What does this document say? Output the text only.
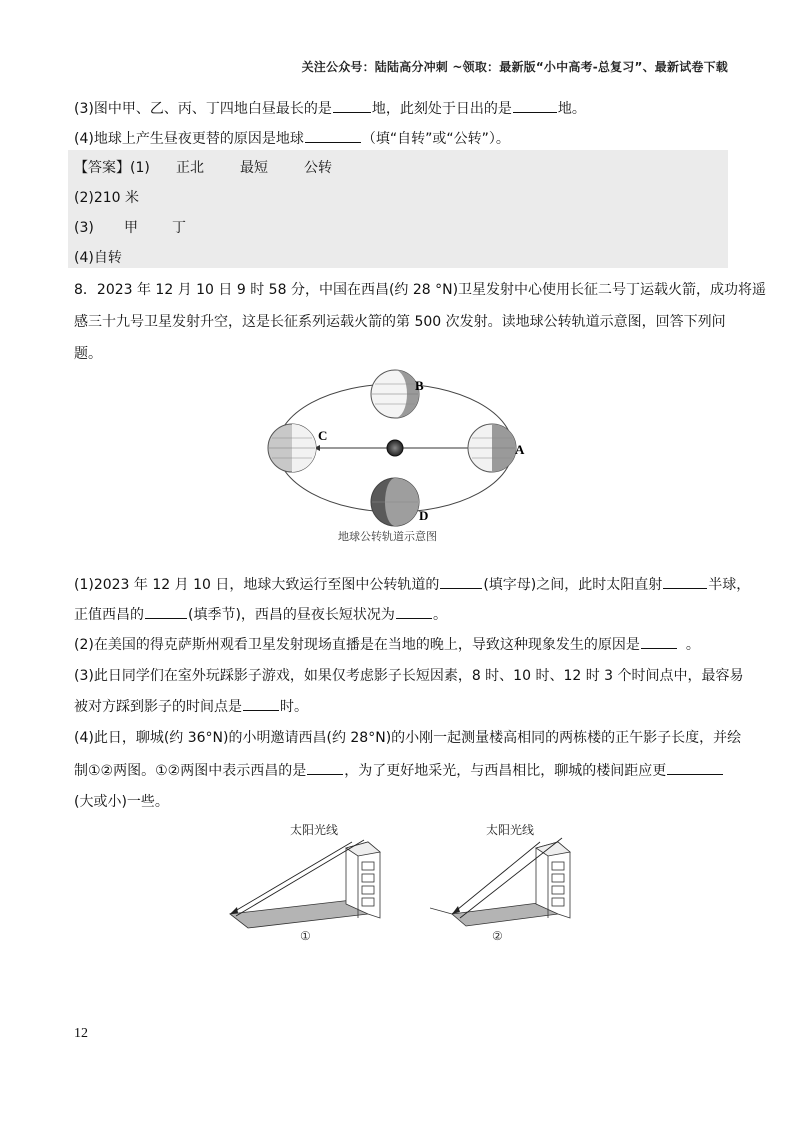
关注公众号：陆陆高分冲刺 ~领取：最新版“小中高考-总复习”、最新试卷下载
(3)图中甲、乙、丙、丁四地白昼最长的是	地，此刻处于日出的是	地。
(4)地球上产生昼夜更替的原因是地球	（填“自转”或“公转”）。
【答案】(1) 正北	最短	公转
(2)210 米
(3) 甲 丁
(4)自转
8．2023 年 12 月 10 日 9 时 58 分，中国在西昌(约 28 °N)卫星发射中心使用长征二号丁运载火箭，成功将遥
感三十九号卫星发射升空，这是长征系列运载火箭的第 500 次发射。读地球公转轨道示意图，回答下列问
题。
B
C
A
D
地球公转轨道示意图
(1)2023 年 12 月 10 日，地球大致运行至图中公转轨道的	(填字母)之间，此时太阳直射	半球，
正值西昌的	(填季节)，西昌的昼夜长短状况为	。
(2)在美国的得克萨斯州观看卫星发射现场直播是在当地的晚上，导致这种现象发生的原因是	。
(3)此日同学们在室外玩踩影子游戏，如果仅考虑影子长短因素，8 时、10 时、12 时 3 个时间点中，最容易
被对方踩到影子的时间点是	时。
(4)此日，聊城(约 36°N)的小明邀请西昌(约 28°N)的小刚一起测量楼高相同的两栋楼的正午影子长度，并绘
制①②两图。①②两图中表示西昌的是	，为了更好地采光，与西昌相比，聊城的楼间距应更
(大或小)一些。
太阳光线
①
太阳光线
②
12
